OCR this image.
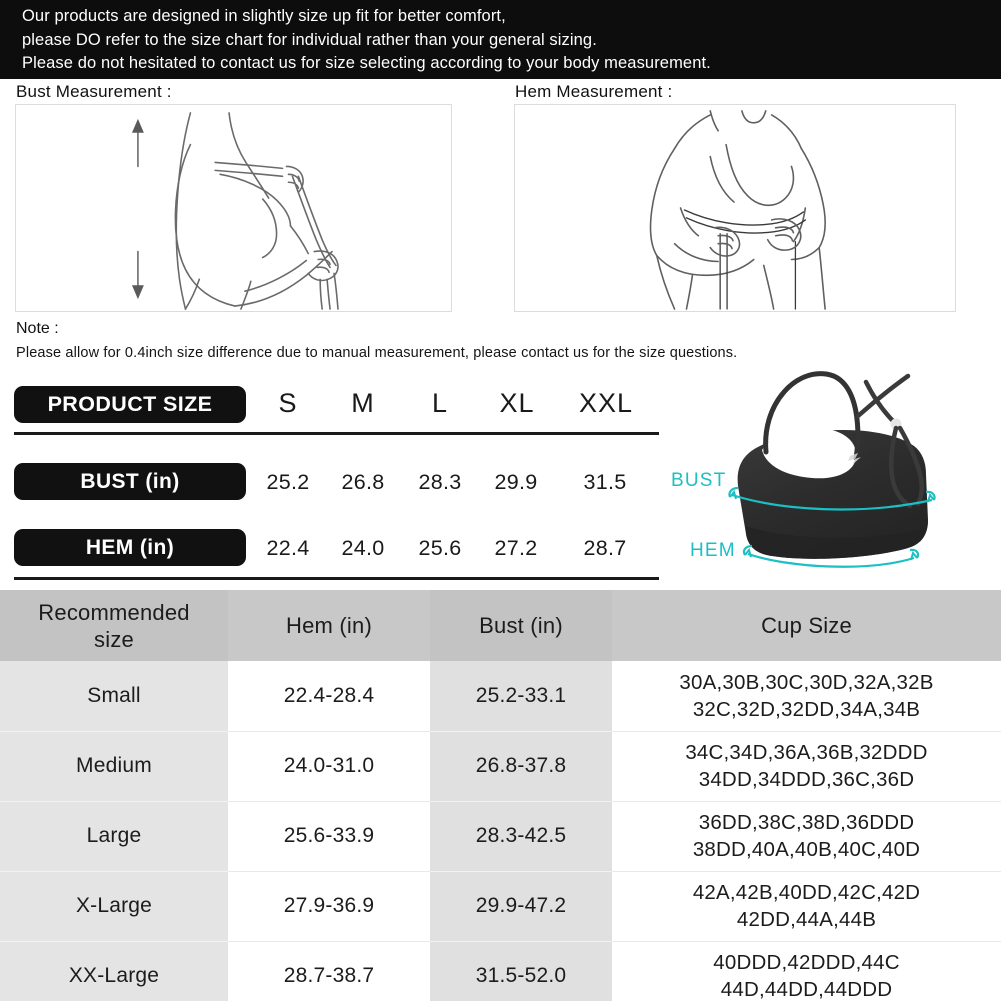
Our products are designed in slightly size up fit for better comfort,
please DO refer to the size chart for individual rather than your general sizing.
Please do not hesitated to contact us for size selecting according to your body measurement.
Bust Measurement :	Hem Measurement :
Note :
Please allow for 0.4inch size difference due to manual measurement, please contact us for the size questions.
PRODUCT SIZE	S	M	L	XL	XXL
BUST (in)	25.2	26.8	28.3	29.9	31.5
HEM (in)	22.4	24.0	25.6	27.2	28.7
BUST
HEM
Recommended
size	Hem (in)	Bust (in)	Cup Size
Small	22.4-28.4	25.2-33.1	30A,30B,30C,30D,32A,32B
32C,32D,32DD,34A,34B

Medium	24.0-31.0	26.8-37.8	34C,34D,36A,36B,32DDD
34DD,34DDD,36C,36D

Large	25.6-33.9	28.3-42.5	36DD,38C,38D,36DDD
38DD,40A,40B,40C,40D

X-Large	27.9-36.9	29.9-47.2	42A,42B,40DD,42C,42D
42DD,44A,44B

XX-Large	28.7-38.7	31.5-52.0	40DDD,42DDD,44C
44D,44DD,44DDD
